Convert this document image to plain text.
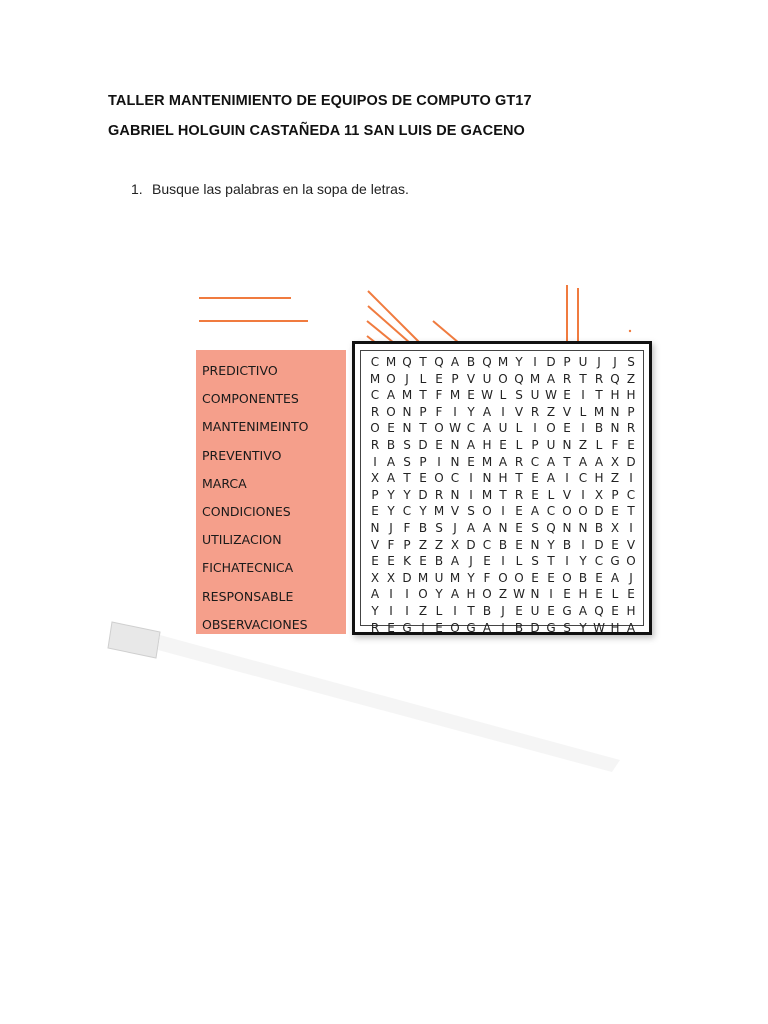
TALLER MANTENIMIENTO DE EQUIPOS DE COMPUTO GT17
GABRIEL HOLGUIN CASTAÑEDA 11 SAN LUIS DE GACENO
1. Busque las palabras en la sopa de letras.
PREDICTIVO
COMPONENTES
MANTENIMEINTO
PREVENTIVO
MARCA
CONDICIONES
UTILIZACION
FICHATECNICA
RESPONSABLE
OBSERVACIONES
C M Q T Q A B Q M Y I D P U J	J S
M O J L E P V U O Q M A R T R Q Z
C A M T F M E W L S U W E I T H H
R O N P F I Y A I V R Z V L M N P
O E N T O W C A U L I O E I B N R
R B S D E N A H E L P U N Z L F E
I A S P I N E M A R C A T A A X D
X A T E O C I N H T E A I C H Z I
P Y Y D R N I M T R E L V I X P C
E Y C Y M V S O I E A C O O D E T
N J F B S J A A N E S Q N N B X I
V F P Z Z X D C B E N Y B I D E V
E E K E B A J E I L S T I Y C G O
X X D M U M Y F O O E E O B E A J
A I	I O Y A H O Z W N I E H E L E
Y I	I Z L I T B J E U E G A Q E H
R E G J E O G A I B D G S Y W H A
